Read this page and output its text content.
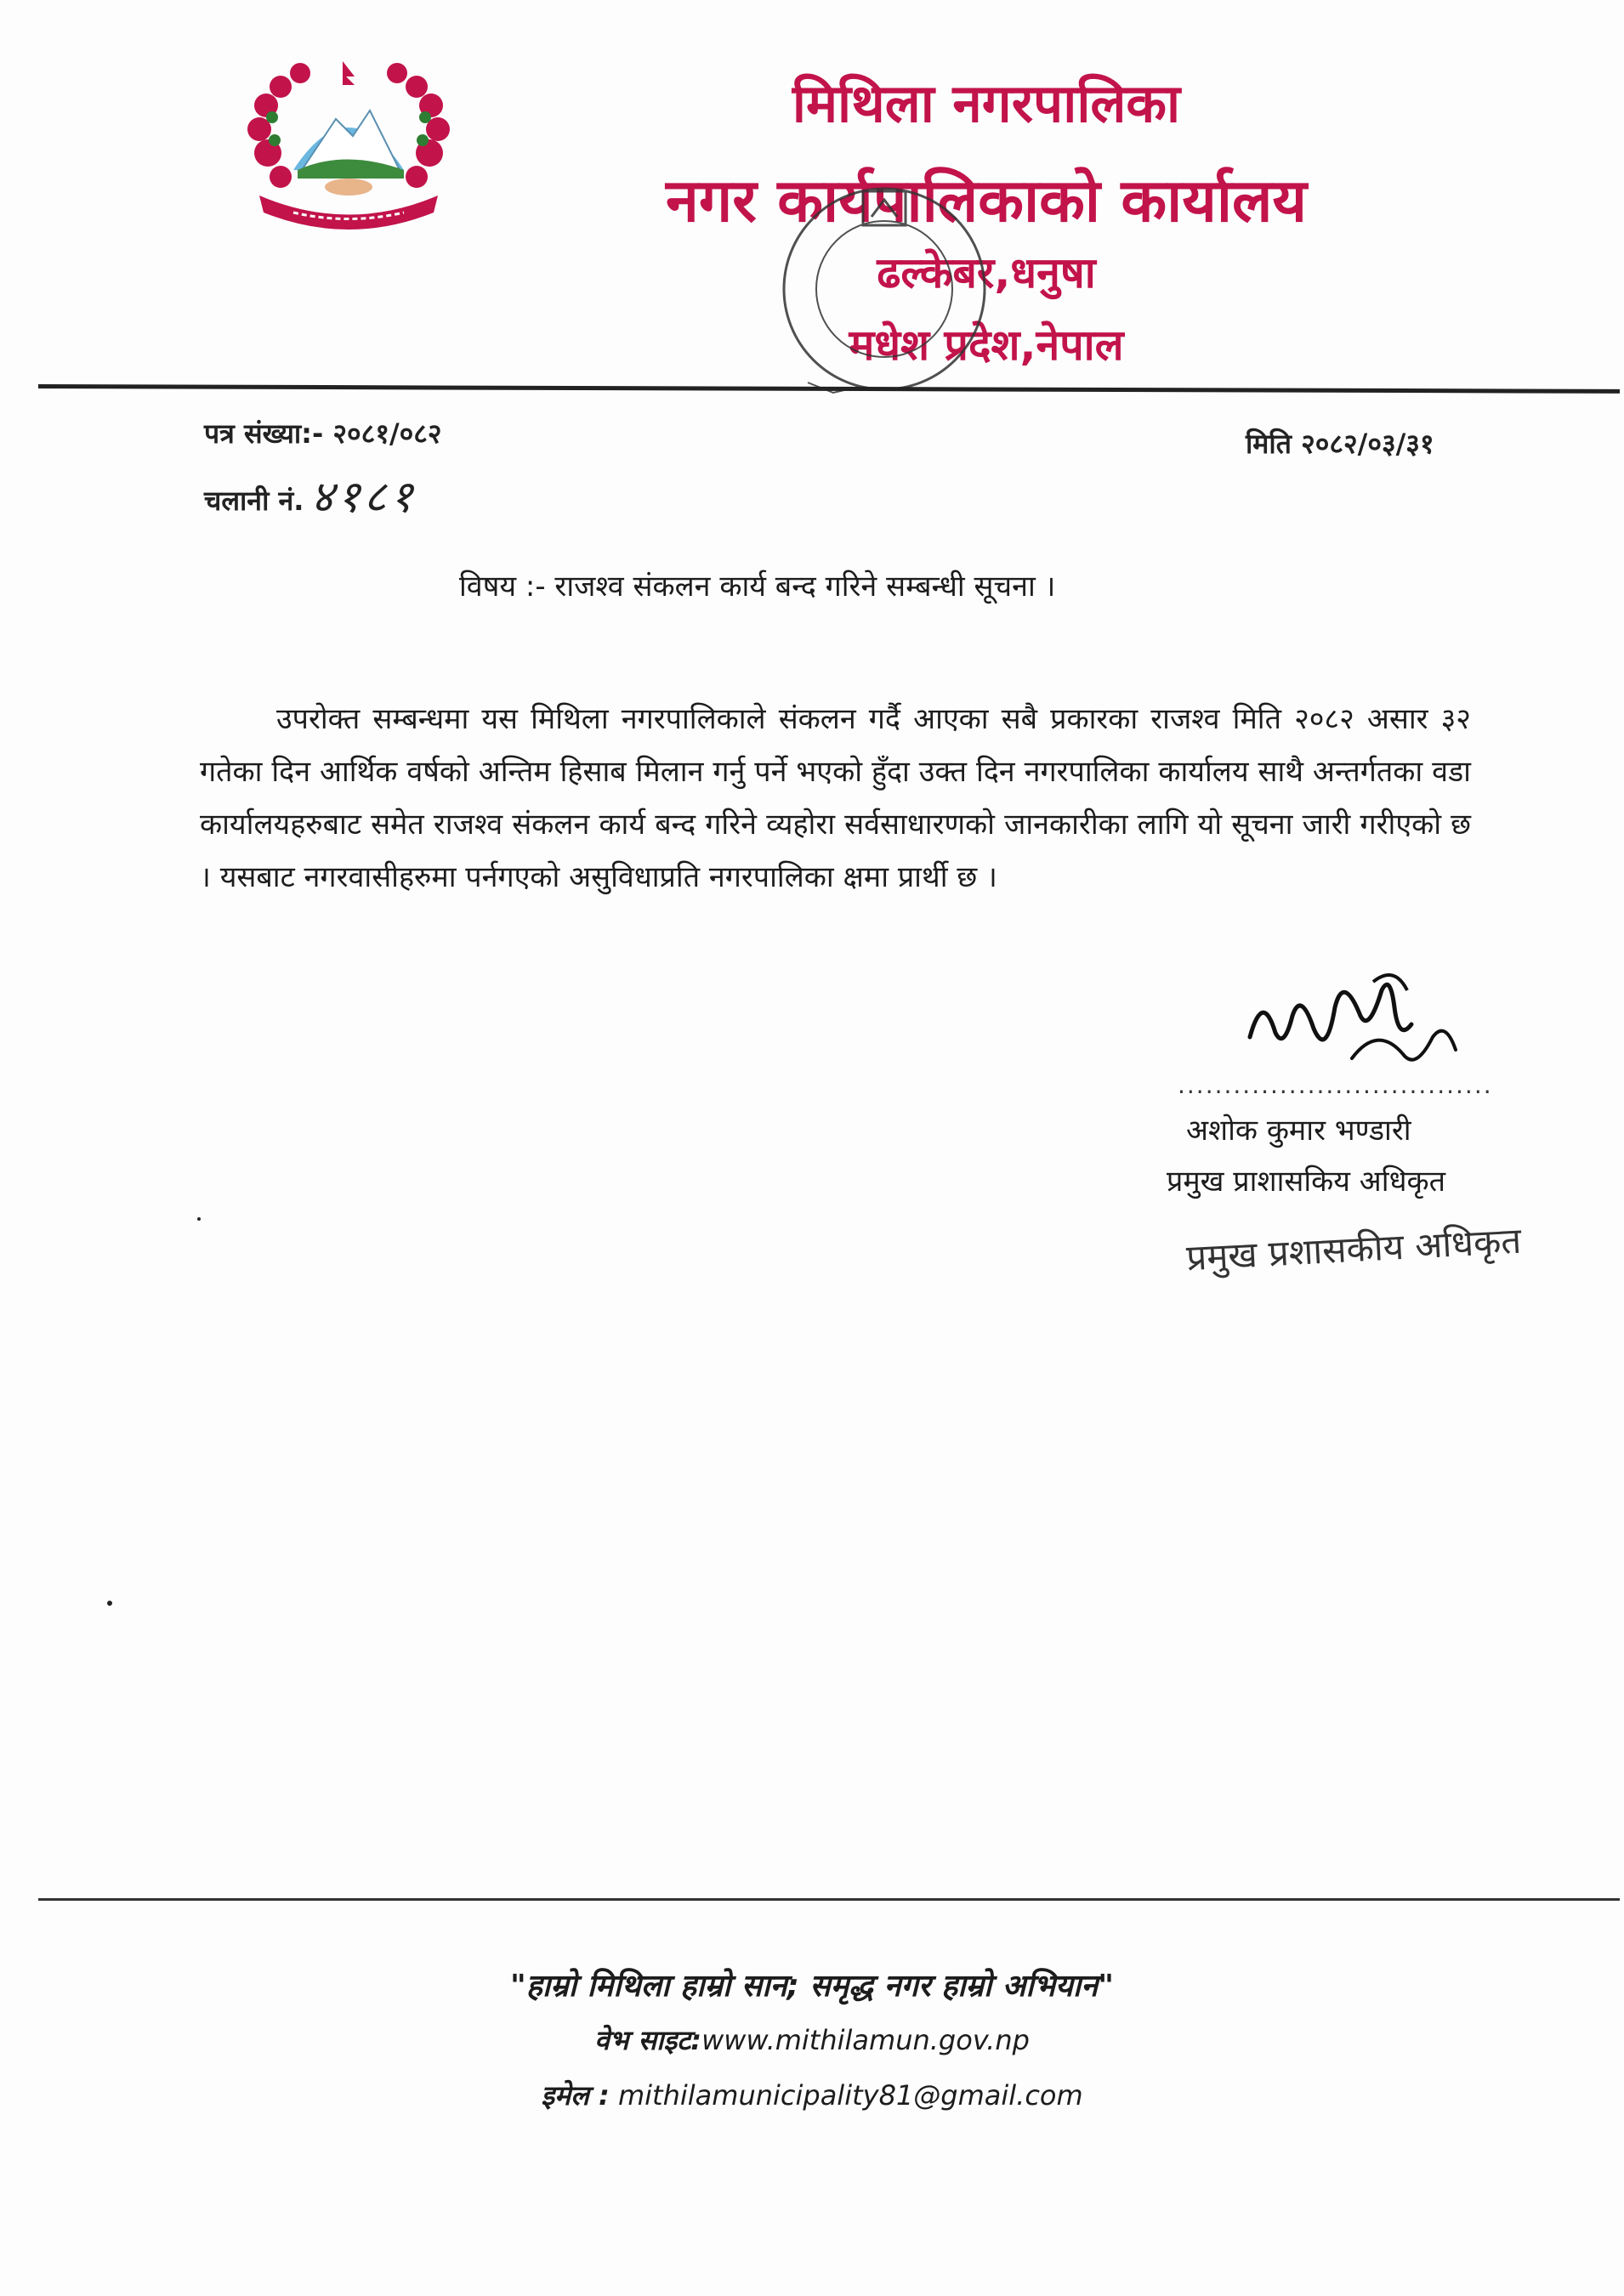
मिथिला नगरपालिका
नगर कार्यपालिकाको कार्यालय
ढल्केबर,धनुषा
मधेश प्रदेश,नेपाल
पत्र संख्या:- २०८१/०८२
चलानी नं. ४१८१
मिति २०८२/०३/३१
विषय :- राजश्व संकलन कार्य बन्द गरिने सम्बन्धी सूचना ।
उपरोक्त सम्बन्धमा यस मिथिला नगरपालिकाले संकलन गर्दै आएका सबै प्रकारका राजश्व मिति २०८२ असार ३२ गतेका दिन आर्थिक वर्षको अन्तिम हिसाब मिलान गर्नु पर्ने भएको हुँदा उक्त दिन नगरपालिका कार्यालय साथै अन्तर्गतका वडा कार्यालयहरुबाट समेत राजश्व संकलन कार्य बन्द गरिने व्यहोरा सर्वसाधारणको जानकारीका लागि यो सूचना जारी गरीएको छ । यसबाट नगरवासीहरुमा पर्नगएको असुविधाप्रति नगरपालिका क्षमा प्रार्थी छ ।
..................................
अशोक कुमार भण्डारी
प्रमुख प्राशासकिय अधिकृत
प्रमुख प्रशासकीय अधिकृत
"हाम्रो मिथिला हाम्रो सान; समृद्ध नगर हाम्रो अभियान"
वेभ साइट:www.mithilamun.gov.np
इमेल : mithilamunicipality81@gmail.com
